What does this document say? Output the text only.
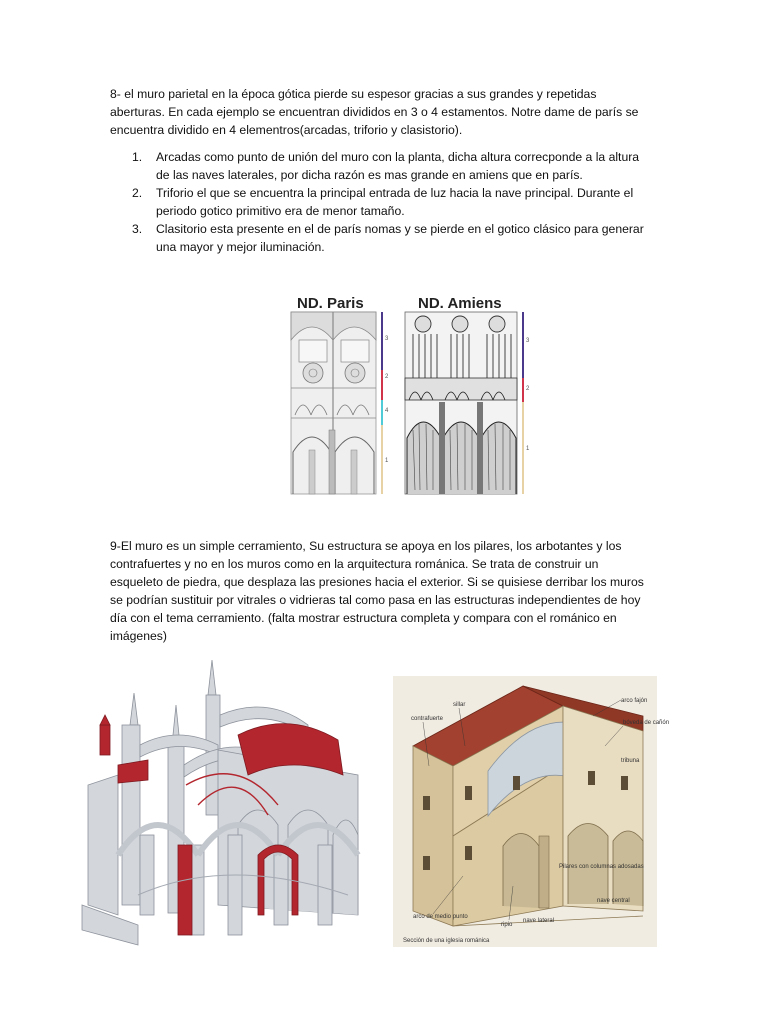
8- el muro parietal en la época gótica pierde su espesor gracias a sus grandes y repetidas aberturas. En cada ejemplo se encuentran divididos en 3 o 4 estamentos. Notre dame de parís se encuentra dividido en 4 elementros(arcadas, triforio y clasistorio).

1. Arcadas como punto de unión del muro con la planta, dicha altura correcponde a la altura de las naves laterales, por dicha razón es mas grande en amiens que en parís.
2. Triforio el que se encuentra la principal entrada de luz hacia la nave principal. Durante el periodo gotico primitivo era de menor tamaño.
3. Clasitorio esta presente en el de parís nomas y se pierde en el gotico clásico para generar una mayor y mejor iluminación.
ND. Paris	ND. Amiens
3
2
4
1
3
2
1

9-El muro es un simple cerramiento, Su estructura se apoya en los pilares, los arbotantes y los contrafuertes y no en los muros como en la arquitectura románica. Se trata de construir un esqueleto de piedra, que desplaza las presiones hacia el exterior. Si se quisiese derribar los muros se podrían sustituir por vitrales o vidrieras tal como pasa en las estructuras independientes de hoy día con el tema cerramiento. (falta mostrar estructura completa y compara con el románico en imágenes)

sillar
contrafuerte
arco fajón
bóveda de cañón
tribuna
Pilares con columnas adosadas
arco de medio punto
ripio
nave lateral
nave central
Sección de una iglesia románica
